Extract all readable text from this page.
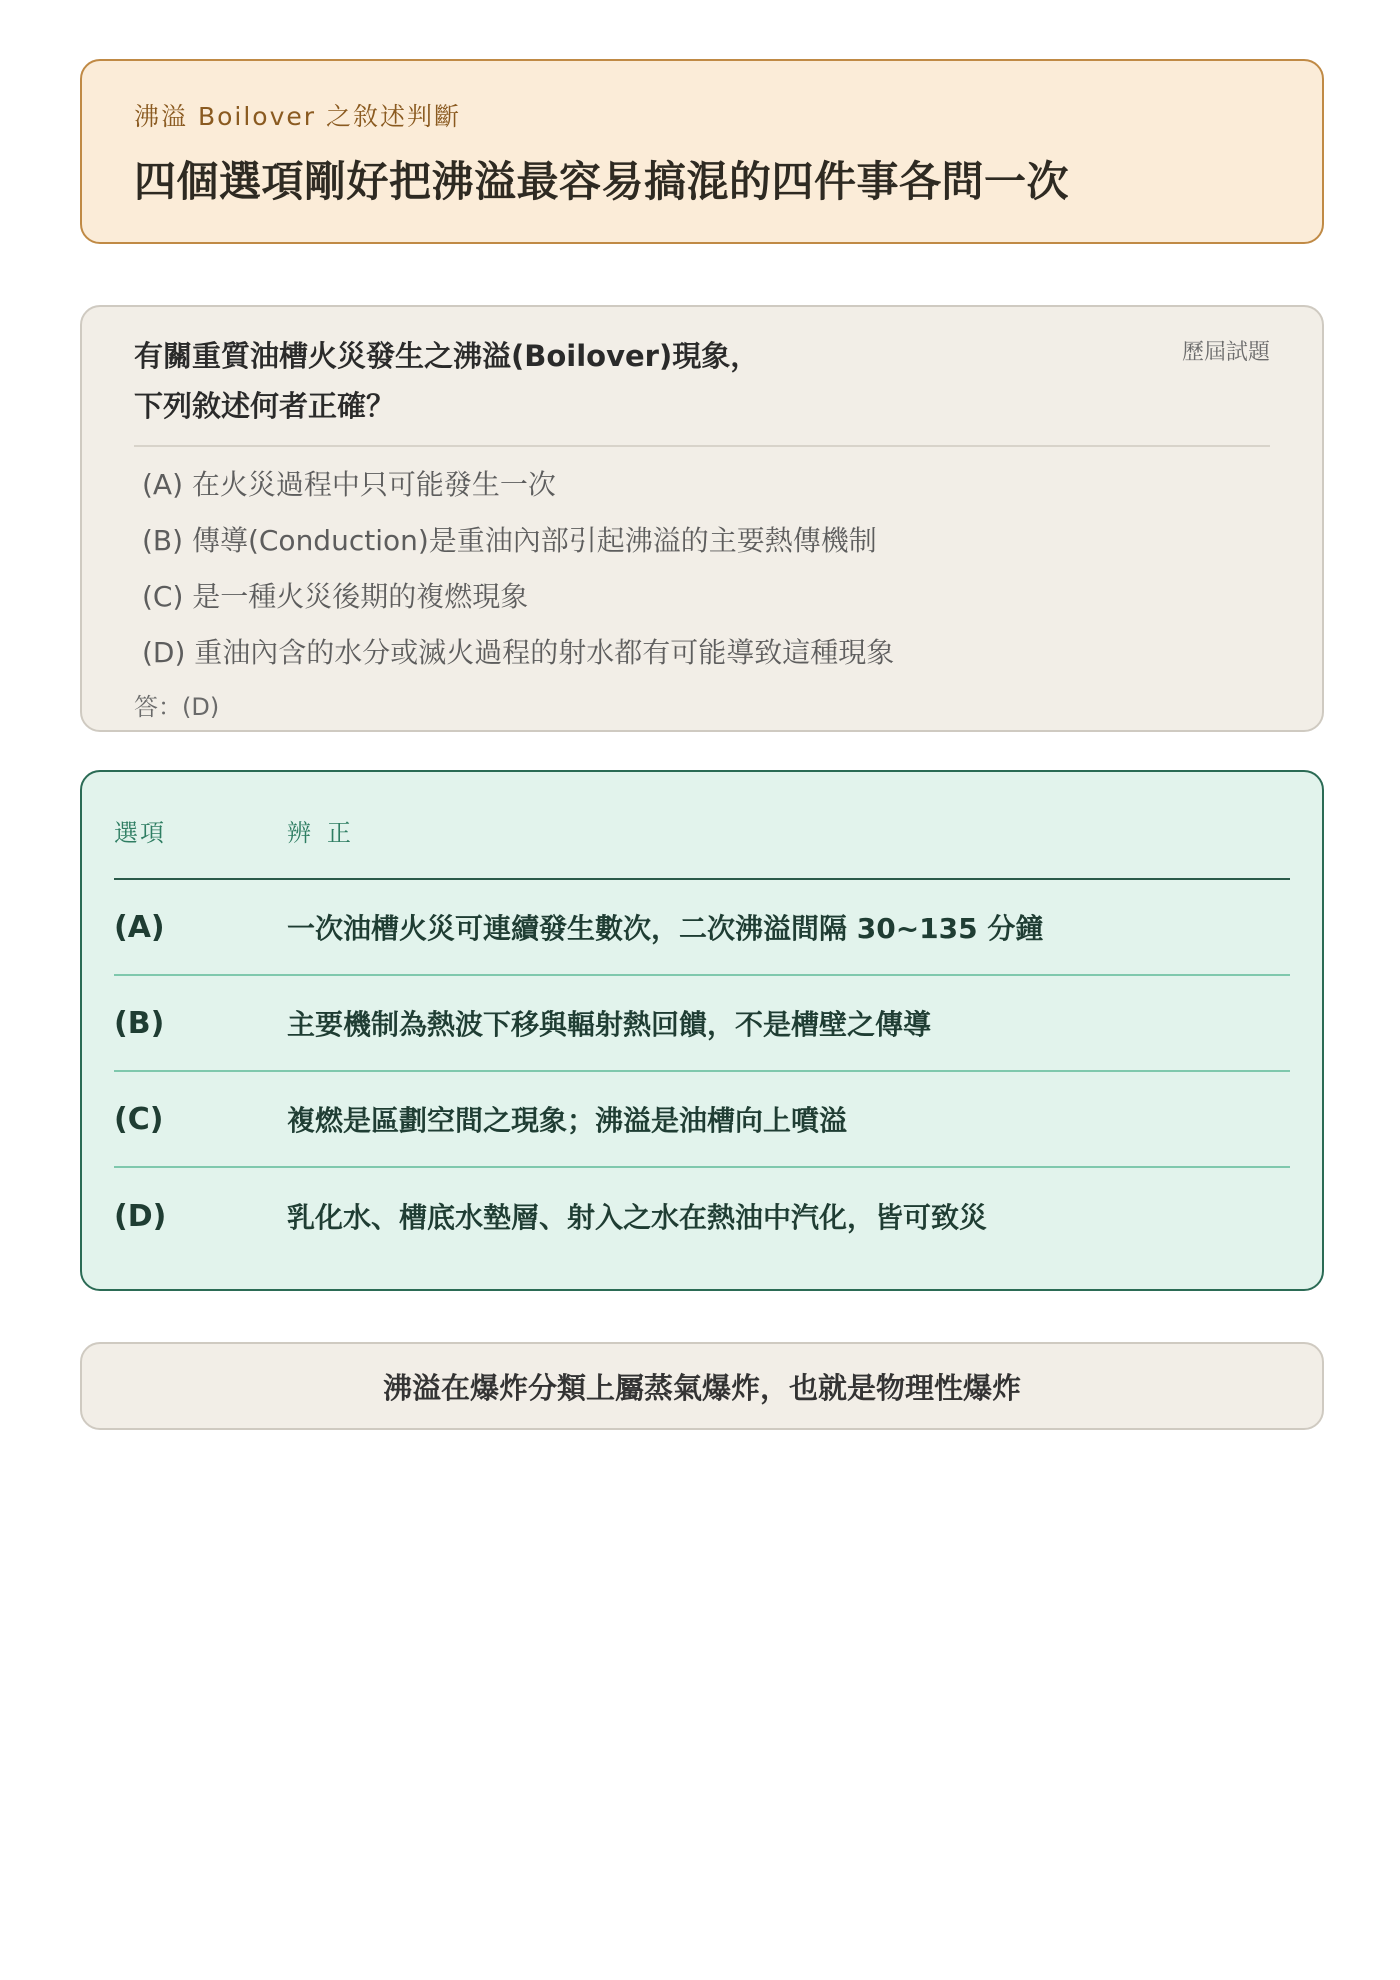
沸溢 Boilover 之敘述判斷
四個選項剛好把沸溢最容易搞混的四件事各問一次
有關重質油槽火災發生之沸溢(Boilover)現象，
下列敘述何者正確？
歷屆試題
(A) 在火災過程中只可能發生一次
(B) 傳導(Conduction)是重油內部引起沸溢的主要熱傳機制
(C) 是一種火災後期的複燃現象
(D) 重油內含的水分或滅火過程的射水都有可能導致這種現象
答：(D)
選項	辨正
(A)	一次油槽火災可連續發生數次，二次沸溢間隔 30~135 分鐘
(B)	主要機制為熱波下移與輻射熱回饋，不是槽壁之傳導
(C)	複燃是區劃空間之現象；沸溢是油槽向上噴溢
(D)	乳化水、槽底水墊層、射入之水在熱油中汽化，皆可致災
沸溢在爆炸分類上屬蒸氣爆炸，也就是物理性爆炸
